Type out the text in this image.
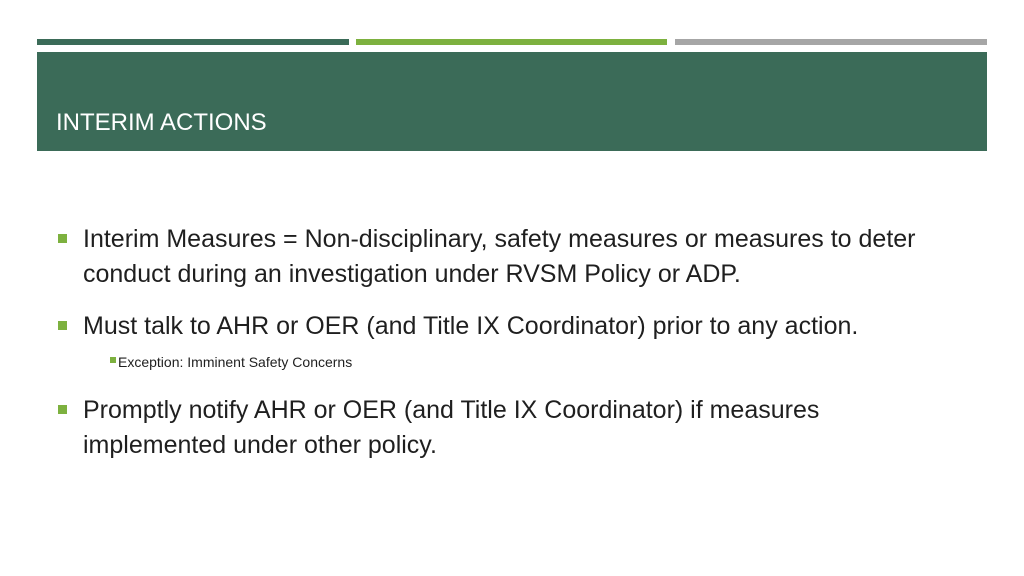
INTERIM ACTIONS
Interim Measures = Non-disciplinary, safety measures or measures to deter conduct during an investigation under RVSM Policy or ADP.
Must talk to AHR or OER (and Title IX Coordinator) prior to any action.
Exception: Imminent Safety Concerns
Promptly notify AHR or OER (and Title IX Coordinator) if measures implemented under other policy.
